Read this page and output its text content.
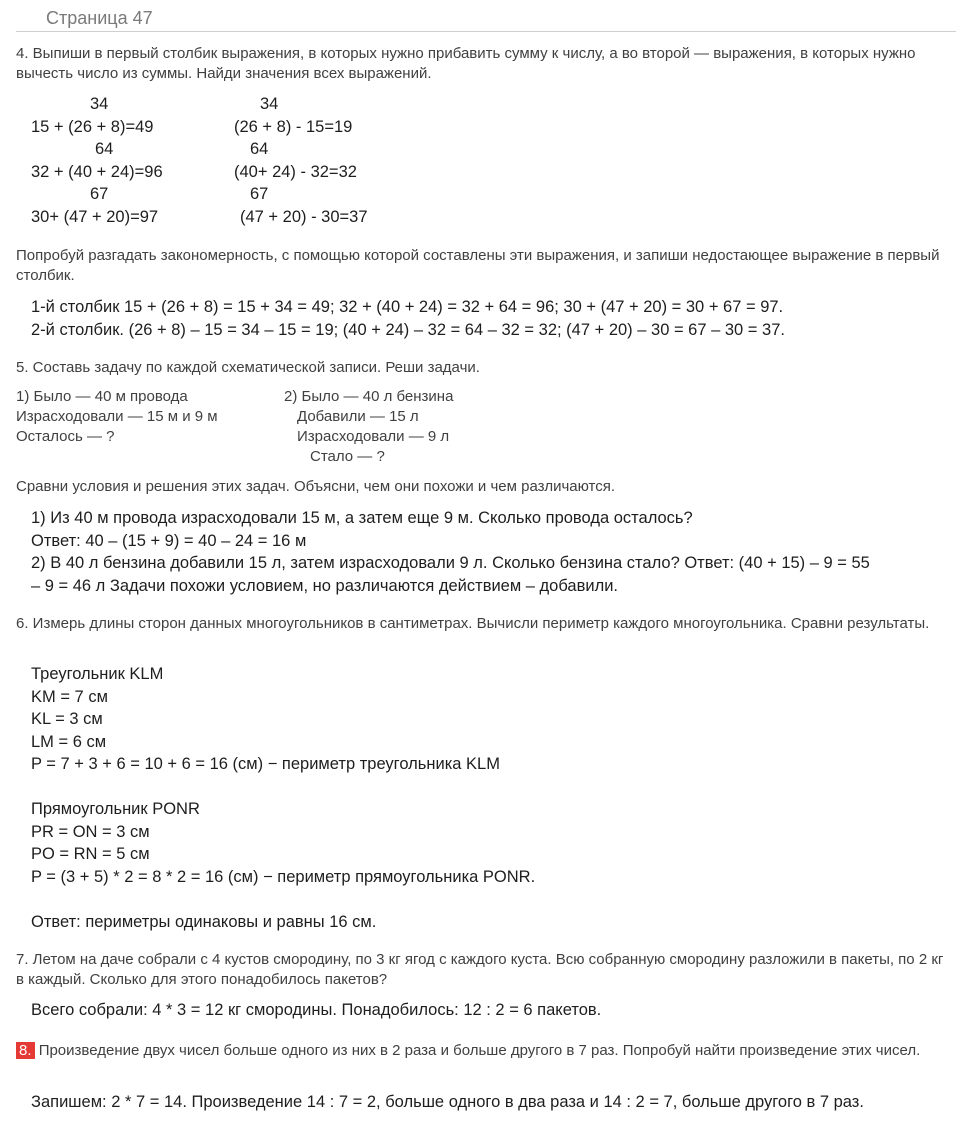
Страница 47
4. Выпиши в первый столбик выражения, в которых нужно прибавить сумму к числу, а во второй — выражения, в которых нужно вычесть число из суммы. Найди значения всех выражений.
34
15 + (26 + 8)=49
64
32 + (40 + 24)=96
67
30+ (47 + 20)=97
34
(26 + 8) - 15=19
64
(40+ 24) - 32=32
67
(47 + 20) - 30=37
Попробуй разгадать закономерность, с помощью которой составлены эти выражения, и запиши недостающее выражение в первый столбик.
1-й столбик 15 + (26 + 8) = 15 + 34 = 49; 32 + (40 + 24) = 32 + 64 = 96; 30 + (47 + 20) = 30 + 67 = 97.
2-й столбик. (26 + 8) – 15 = 34 – 15 = 19; (40 + 24) – 32 = 64 – 32 = 32; (47 + 20) – 30 = 67 – 30 = 37.
5. Составь задачу по каждой схематической записи. Реши задачи.
1) Было — 40 м провода
Израсходовали — 15 м и 9 м
Осталось — ?
2) Было — 40 л бензина
Добавили — 15 л
Израсходовали — 9 л
Стало — ?
Сравни условия и решения этих задач. Объясни, чем они похожи и чем различаются.
1) Из 40 м провода израсходовали 15 м, а затем еще 9 м. Сколько провода осталось?
Ответ: 40 – (15 + 9) = 40 – 24 = 16 м
2) В 40 л бензина добавили 15 л, затем израсходовали 9 л. Сколько бензина стало? Ответ: (40 + 15) – 9 = 55
– 9 = 46 л Задачи похожи условием, но различаются действием – добавили.
6. Измерь длины сторон данных многоугольников в сантиметрах. Вычисли периметр каждого многоугольника. Сравни результаты.
Треугольник KLM
KM = 7 см
KL = 3 см
LM = 6 см
P = 7 + 3 + 6 = 10 + 6 = 16 (см) − периметр треугольника KLM

Прямоугольник PONR
PR = ON = 3 см
PO = RN = 5 см
P = (3 + 5) * 2 = 8 * 2 = 16 (см) − периметр прямоугольника PONR.

Ответ: периметры одинаковы и равны 16 см.
7. Летом на даче собрали с 4 кустов смородину, по 3 кг ягод с каждого куста. Всю собранную смородину разложили в пакеты, по 2 кг в каждый. Сколько для этого понадобилось пакетов?
Всего собрали: 4 * 3 = 12 кг смородины. Понадобилось: 12 : 2 = 6 пакетов.
8. Произведение двух чисел больше одного из них в 2 раза и больше другого в 7 раз. Попробуй найти произведение этих чисел.
Запишем: 2 * 7 = 14. Произведение 14 : 7 = 2, больше одного в два раза и 14 : 2 = 7, больше другого в 7 раз.
